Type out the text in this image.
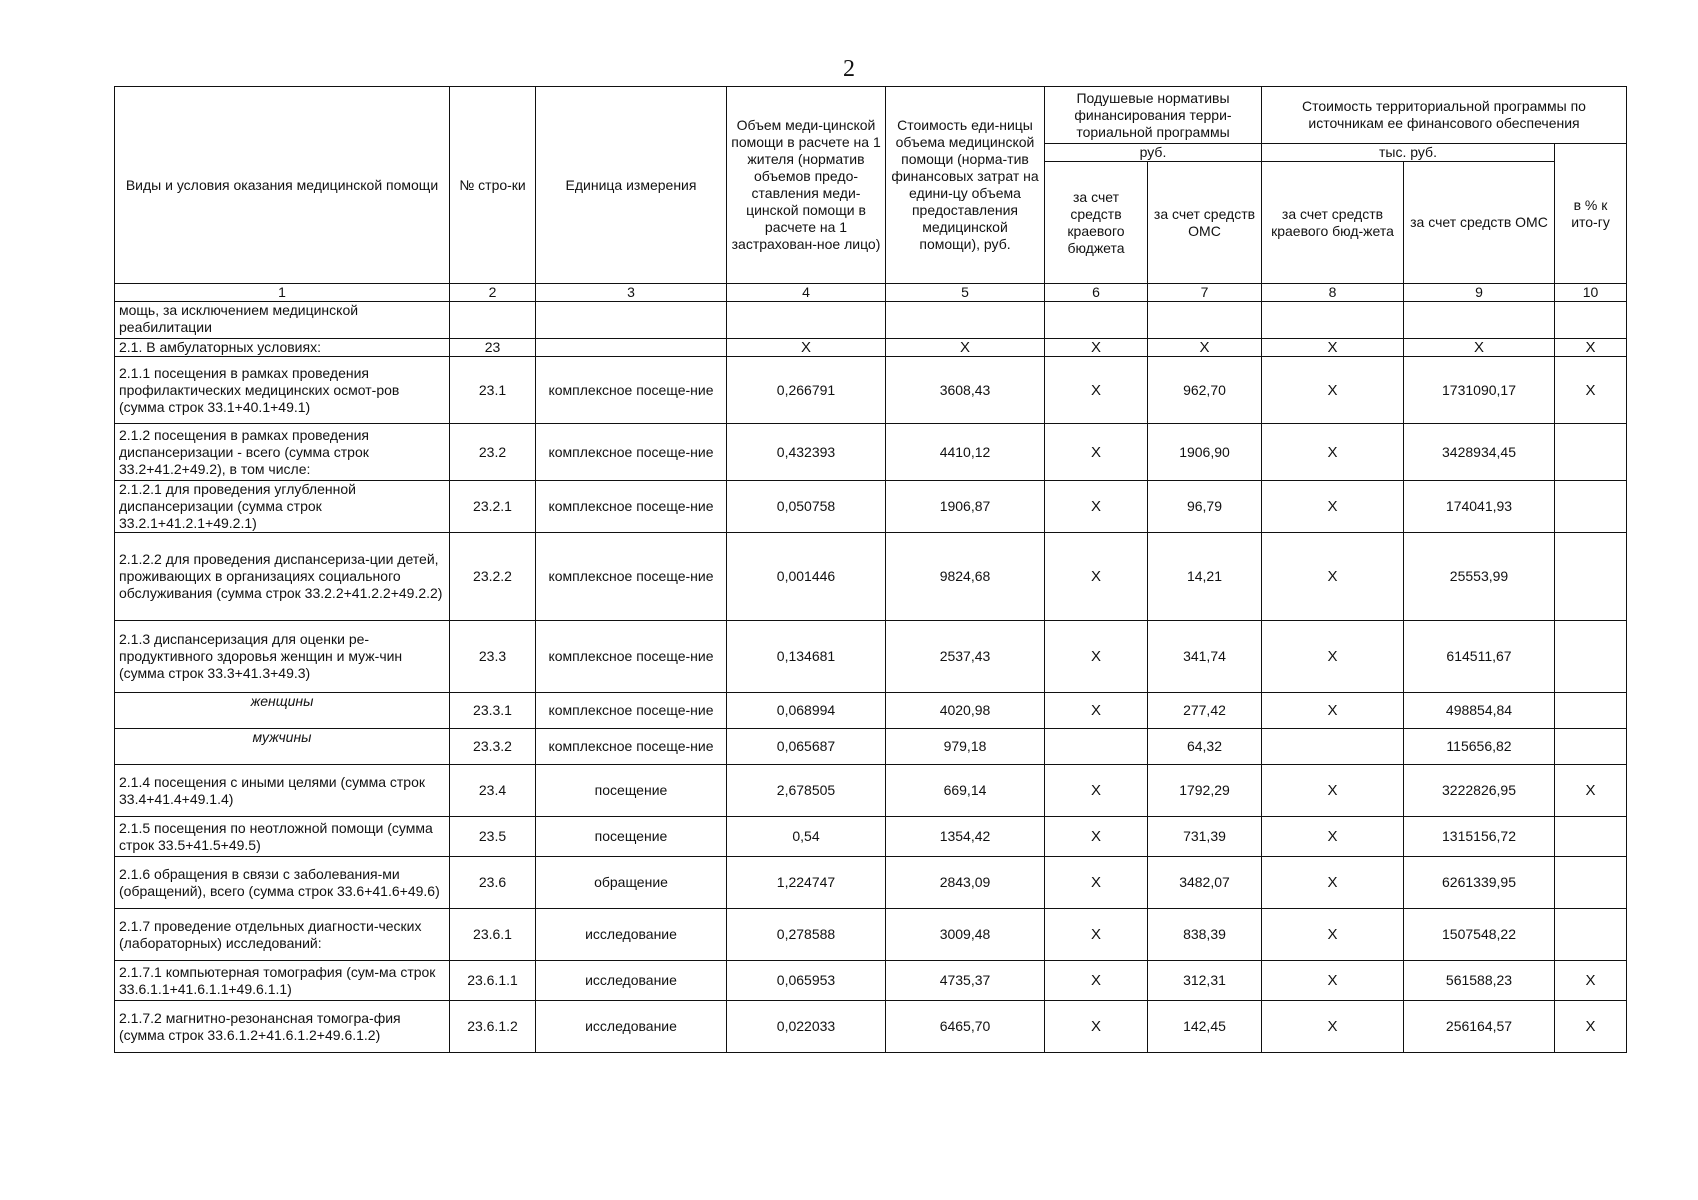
2
Виды и условия оказания медицинской помощи	№ стро-ки	Единица измерения	Объем меди-цинской помощи в расчете на 1 жителя (норматив объемов предо-ставления меди-цинской помощи в расчете на 1 застрахован-ное лицо)	Стоимость еди-ницы объема медицинской помощи (норма-тив финансовых затрат на едини-цу объема предоставления медицинской помощи), руб.	Подушевые нормативы финансирования терри-ториальной программы		Стоимость территориальной программы по источникам ее финансового обеспечения		
					руб.		тыс. руб.		в % к ито-гу
					за счет средств краевого бюджета	за счет средств ОМС	за счет средств краевого бюд-жета	за счет средств ОМС	
1	2	3	4	5	6	7	8	9	10
мощь, за исключением медицинской реабилитации									
2.1. В амбулаторных условиях:	23		Х	Х	Х	Х	Х	Х	Х
2.1.1 посещения в рамках проведения профилактических медицинских осмот-ров (сумма строк 33.1+40.1+49.1)	23.1	комплексное посеще-ние	0,266791	3608,43	Х	962,70	Х	1731090,17	Х
2.1.2 посещения в рамках проведения диспансеризации - всего (сумма строк 33.2+41.2+49.2), в том числе:	23.2	комплексное посеще-ние	0,432393	4410,12	Х	1906,90	Х	3428934,45	
2.1.2.1 для проведения углубленной диспансеризации (сумма строк 33.2.1+41.2.1+49.2.1)	23.2.1	комплексное посеще-ние	0,050758	1906,87	Х	96,79	Х	174041,93	
2.1.2.2 для проведения диспансериза-ции детей, проживающих в организациях социального обслуживания (сумма строк 33.2.2+41.2.2+49.2.2)	23.2.2	комплексное посеще-ние	0,001446	9824,68	Х	14,21	Х	25553,99	
2.1.3 диспансеризация для оценки ре-продуктивного здоровья женщин и муж-чин (сумма строк 33.3+41.3+49.3)	23.3	комплексное посеще-ние	0,134681	2537,43	Х	341,74	Х	614511,67	
женщины	23.3.1	комплексное посеще-ние	0,068994	4020,98	Х	277,42	Х	498854,84	
мужчины	23.3.2	комплексное посеще-ние	0,065687	979,18		64,32		115656,82	
2.1.4 посещения с иными целями (сумма строк 33.4+41.4+49.1.4)	23.4	посещение	2,678505	669,14	Х	1792,29	Х	3222826,95	Х
2.1.5 посещения по неотложной помощи (сумма строк 33.5+41.5+49.5)	23.5	посещение	0,54	1354,42	Х	731,39	Х	1315156,72	
2.1.6 обращения в связи с заболевания-ми (обращений), всего (сумма строк 33.6+41.6+49.6)	23.6	обращение	1,224747	2843,09	Х	3482,07	Х	6261339,95	
2.1.7 проведение отдельных диагности-ческих (лабораторных) исследований:	23.6.1	исследование	0,278588	3009,48	Х	838,39	Х	1507548,22	
2.1.7.1 компьютерная томография (сум-ма строк 33.6.1.1+41.6.1.1+49.6.1.1)	23.6.1.1	исследование	0,065953	4735,37	Х	312,31	Х	561588,23	Х
2.1.7.2 магнитно-резонансная томогра-фия (сумма строк 33.6.1.2+41.6.1.2+49.6.1.2)	23.6.1.2	исследование	0,022033	6465,70	Х	142,45	Х	256164,57	Х
